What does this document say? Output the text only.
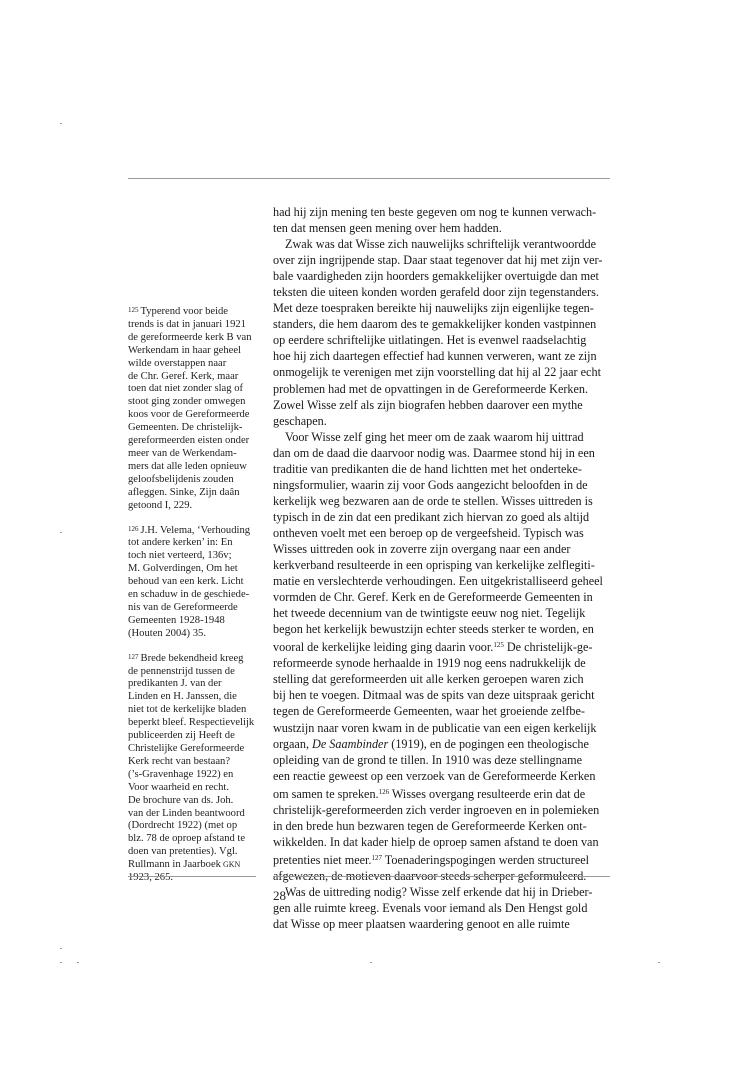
125 Typerend voor beide
trends is dat in januari 1921
de gereformeerde kerk B van
Werkendam in haar geheel
wilde overstappen naar
de Chr. Geref. Kerk, maar
toen dat niet zonder slag of
stoot ging zonder omwegen
koos voor de Gereformeerde
Gemeenten. De christelijk-
gereformeerden eisten onder
meer van de Werkendam-
mers dat alle leden opnieuw
geloofsbelijdenis zouden
afleggen. Sinke, Zijn daân
getoond I, 229.

126 J.H. Velema, ‘Verhouding
tot andere kerken’ in: En
toch niet verteerd, 136v;
M. Golverdingen, Om het
behoud van een kerk. Licht
en schaduw in de geschiede-
nis van de Gereformeerde
Gemeenten 1928-1948
(Houten 2004) 35.

127 Brede bekendheid kreeg
de pennenstrijd tussen de
predikanten J. van der
Linden en H. Janssen, die
niet tot de kerkelijke bladen
beperkt bleef. Respectievelijk
publiceerden zij Heeft de
Christelijke Gereformeerde
Kerk recht van bestaan?
(’s-Gravenhage 1922) en
Voor waarheid en recht.
De brochure van ds. Joh.
van der Linden beantwoord
(Dordrecht 1922) (met op
blz. 78 de oproep afstand te
doen van pretenties). Vgl.
Rullmann in Jaarboek GKN
1923, 265.

had hij zijn mening ten beste gegeven om nog te kunnen verwach-
ten dat mensen geen mening over hem hadden.

Zwak was dat Wisse zich nauwelijks schriftelijk verantwoordde
over zijn ingrijpende stap. Daar staat tegenover dat hij met zijn ver-
bale vaardigheden zijn hoorders gemakkelijker overtuigde dan met
teksten die uiteen konden worden gerafeld door zijn tegenstanders.
Met deze toespraken bereikte hij nauwelijks zijn eigenlijke tegen-
standers, die hem daarom des te gemakkelijker konden vastpinnen
op eerdere schriftelijke uitlatingen. Het is evenwel raadselachtig
hoe hij zich daartegen effectief had kunnen verweren, want ze zijn
onmogelijk te verenigen met zijn voorstelling dat hij al 22 jaar echt
problemen had met de opvattingen in de Gereformeerde Kerken.
Zowel Wisse zelf als zijn biografen hebben daarover een mythe
geschapen.

Voor Wisse zelf ging het meer om de zaak waarom hij uittrad
dan om de daad die daarvoor nodig was. Daarmee stond hij in een
traditie van predikanten die de hand lichtten met het onderteke-
ningsformulier, waarin zij voor Gods aangezicht beloofden in de
kerkelijk weg bezwaren aan de orde te stellen. Wisses uittreden is
typisch in de zin dat een predikant zich hiervan zo goed als altijd
ontheven voelt met een beroep op de vergeefsheid. Typisch was
Wisses uittreden ook in zoverre zijn overgang naar een ander
kerkverband resulteerde in een oprisping van kerkelijke zelflegiti-
matie en verslechterde verhoudingen. Een uitgekristalliseerd geheel
vormden de Chr. Geref. Kerk en de Gereformeerde Gemeenten in
het tweede decennium van de twintigste eeuw nog niet. Tegelijk
begon het kerkelijk bewustzijn echter steeds sterker te worden, en
vooral de kerkelijke leiding ging daarin voor.$^{125}$ De christelijk-ge-
reformeerde synode herhaalde in 1919 nog eens nadrukkelijk de
stelling dat gereformeerden uit alle kerken geroepen waren zich
bij hen te voegen. Ditmaal was de spits van deze uitspraak gericht
tegen de Gereformeerde Gemeenten, waar het groeiende zelfbe-
wustzijn naar voren kwam in de publicatie van een eigen kerkelijk
orgaan, De Saambinder (1919), en de pogingen een theologische
opleiding van de grond te tillen. In 1910 was deze stellingname
een reactie geweest op een verzoek van de Gereformeerde Kerken
om samen te spreken.$^{126}$ Wisses overgang resulteerde erin dat de
christelijk-gereformeerden zich verder ingroeven en in polemieken
in den brede hun bezwaren tegen de Gereformeerde Kerken ont-
wikkelden. In dat kader hielp de oproep samen afstand te doen van
pretenties niet meer.$^{127}$ Toenaderingspogingen werden structureel
afgewezen, de motieven daarvoor steeds scherper geformuleerd.

Was de uittreding nodig? Wisse zelf erkende dat hij in Drieber-
gen alle ruimte kreeg. Evenals voor iemand als Den Hengst gold
dat Wisse op meer plaatsen waardering genoot en alle ruimte

28
